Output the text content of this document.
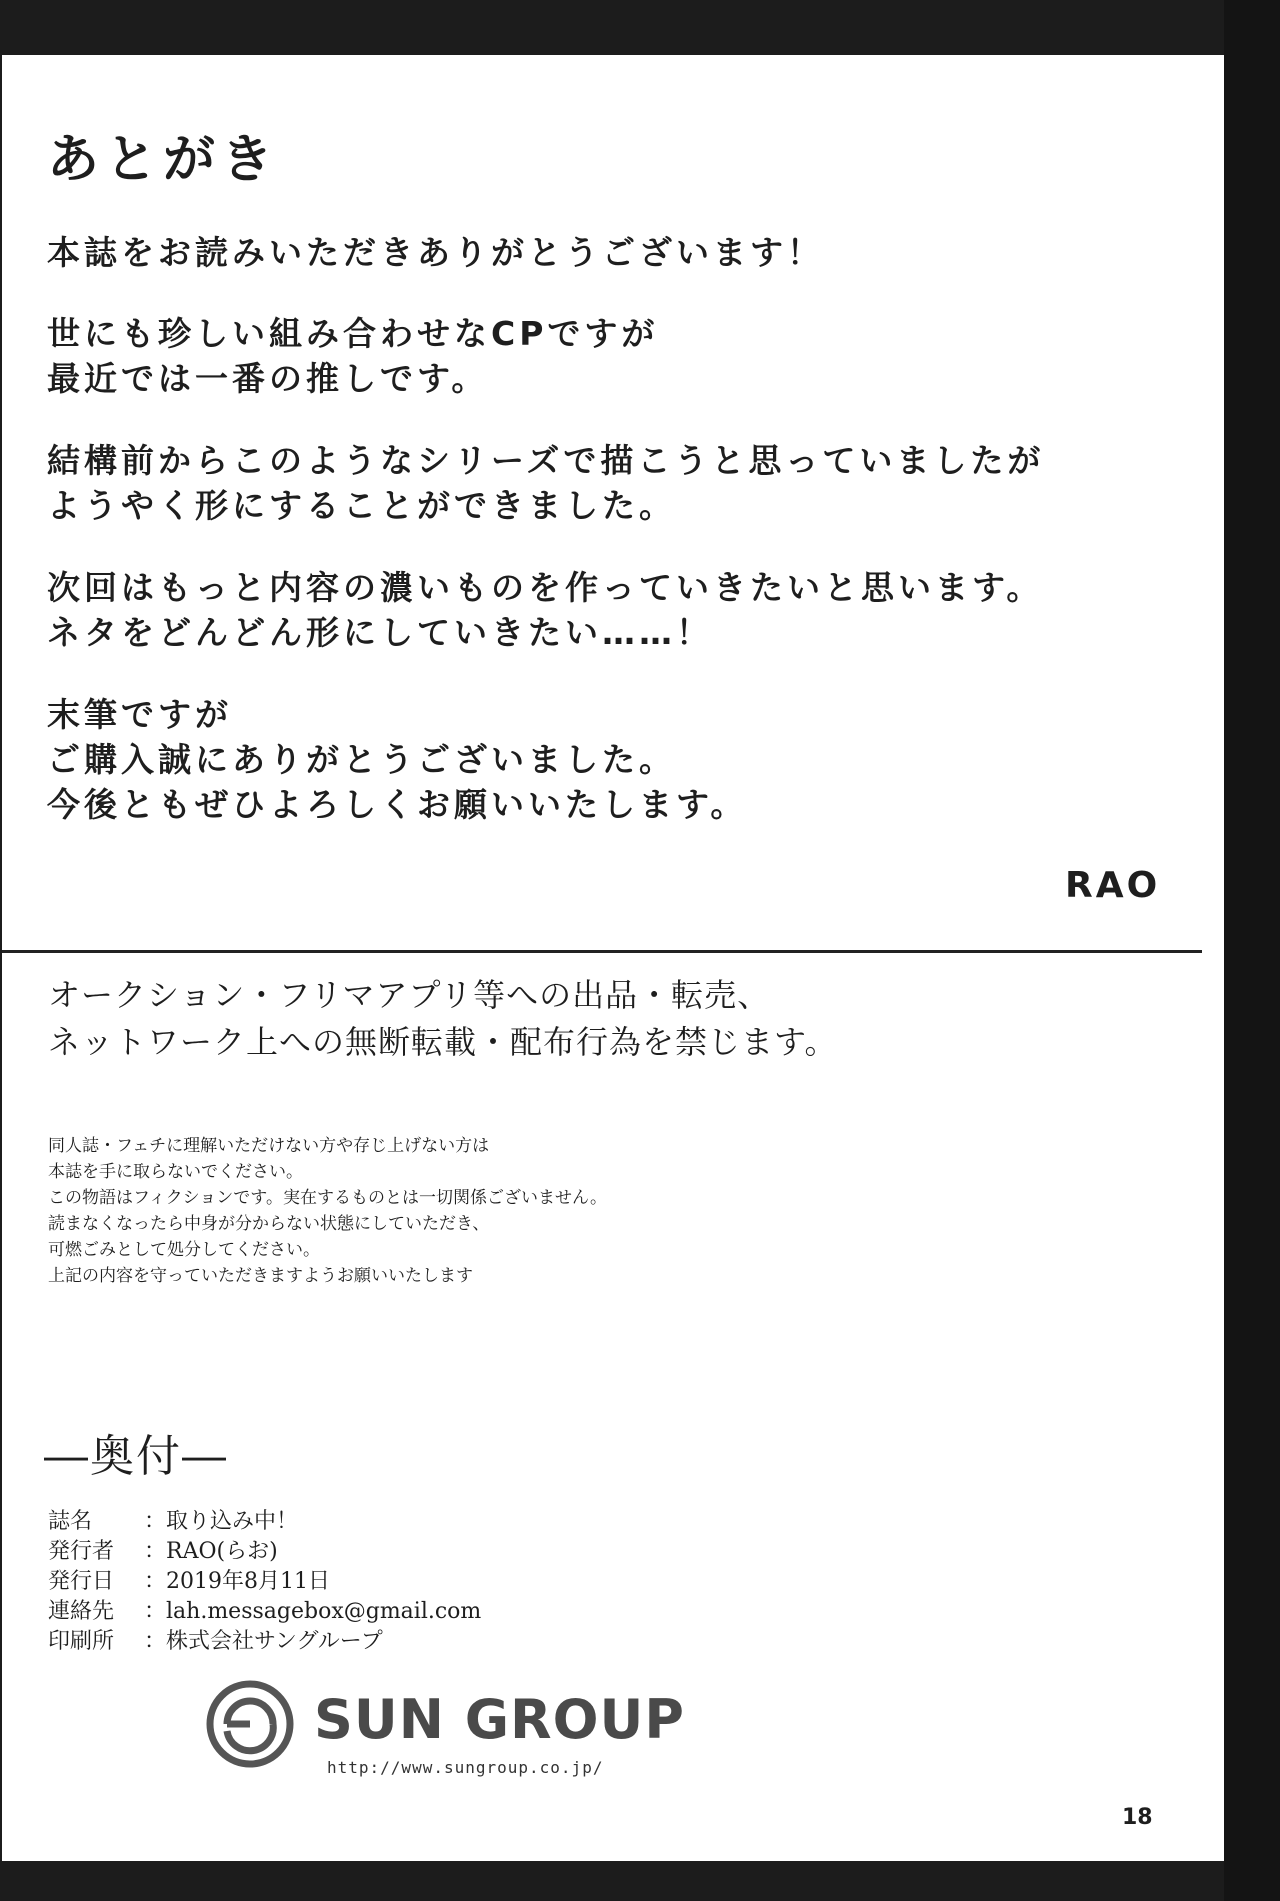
あとがき
本誌をお読みいただきありがとうございます！
世にも珍しい組み合わせなCPですが
最近では一番の推しです。
結構前からこのようなシリーズで描こうと思っていましたが
ようやく形にすることができました。
次回はもっと内容の濃いものを作っていきたいと思います。
ネタをどんどん形にしていきたい……！
末筆ですが
ご購入誠にありがとうございました。
今後ともぜひよろしくお願いいたします。
RAO
オークション・フリマアプリ等への出品・転売、
ネットワーク上への無断転載・配布行為を禁じます。
同人誌・フェチに理解いただけない方や存じ上げない方は
本誌を手に取らないでください。
この物語はフィクションです。実在するものとは一切関係ございません。
読まなくなったら中身が分からない状態にしていただき、
可燃ごみとして処分してください。
上記の内容を守っていただきますようお願いいたします
―奥付―
誌名 ：取り込み中！
発行者 ：RAO(らお)
発行日 ：2019年8月11日
連絡先 ：lah.messagebox@gmail.com
印刷所 ：株式会社サングループ
SUN GROUP
http://www.sungroup.co.jp/
18
